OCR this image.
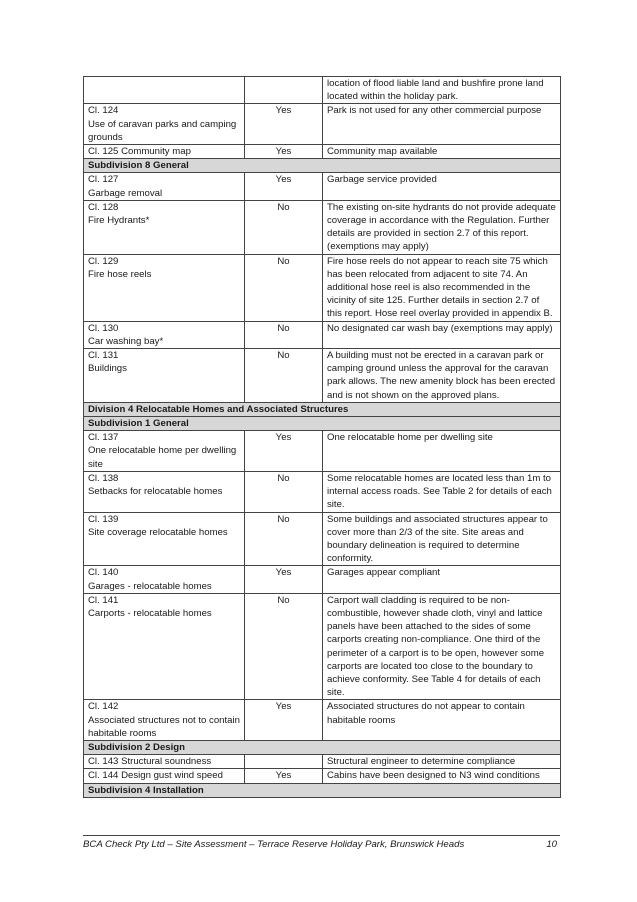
		location of flood liable land and bushfire prone land located within the holiday park.

Cl. 124
Use of caravan parks and camping grounds	Yes	Park is not used for any other commercial purpose

Cl. 125 Community map	Yes	Community map available
Subdivision 8 General		

Cl. 127
Garbage removal	Yes	Garbage service provided

Cl. 128
Fire Hydrants*	No	The existing on-site hydrants do not provide adequate coverage in accordance with the Regulation. Further details are provided in section 2.7 of this report. (exemptions may apply)

Cl. 129
Fire hose reels	No	Fire hose reels do not appear to reach site 75 which has been relocated from adjacent to site 74. An additional hose reel is also recommended in the vicinity of site 125. Further details in section 2.7 of this report. Hose reel overlay provided in appendix B.

Cl. 130
Car washing bay*	No	No designated car wash bay (exemptions may apply)

Cl. 131
Buildings	No	A building must not be erected in a caravan park or camping ground unless the approval for the caravan park allows. The new amenity block has been erected and is not shown on the approved plans.
Division 4 Relocatable Homes and Associated Structures		
Subdivision 1 General		

Cl. 137
One relocatable home per dwelling site	Yes	One relocatable home per dwelling site

Cl. 138
Setbacks for relocatable homes	No	Some relocatable homes are located less than 1m to internal access roads. See Table 2 for details of each site.

Cl. 139
Site coverage relocatable homes	No	Some buildings and associated structures appear to cover more than 2/3 of the site. Site areas and boundary delineation is required to determine conformity.

Cl. 140
Garages - relocatable homes	Yes	Garages appear compliant

Cl. 141
Carports - relocatable homes	No	Carport wall cladding is required to be non-combustible, however shade cloth, vinyl and lattice panels have been attached to the sides of some carports creating non-compliance. One third of the perimeter of a carport is to be open, however some carports are located too close to the boundary to achieve conformity. See Table 4 for details of each site.

Cl. 142
Associated structures not to contain habitable rooms	Yes	Associated structures do not appear to contain habitable rooms
Subdivision 2 Design		

Cl. 143 Structural soundness		Structural engineer to determine compliance

Cl. 144 Design gust wind speed	Yes	Cabins have been designed to N3 wind conditions
Subdivision 4 Installation		
BCA Check Pty Ltd – Site Assessment – Terrace Reserve Holiday Park, Brunswick Heads	10
